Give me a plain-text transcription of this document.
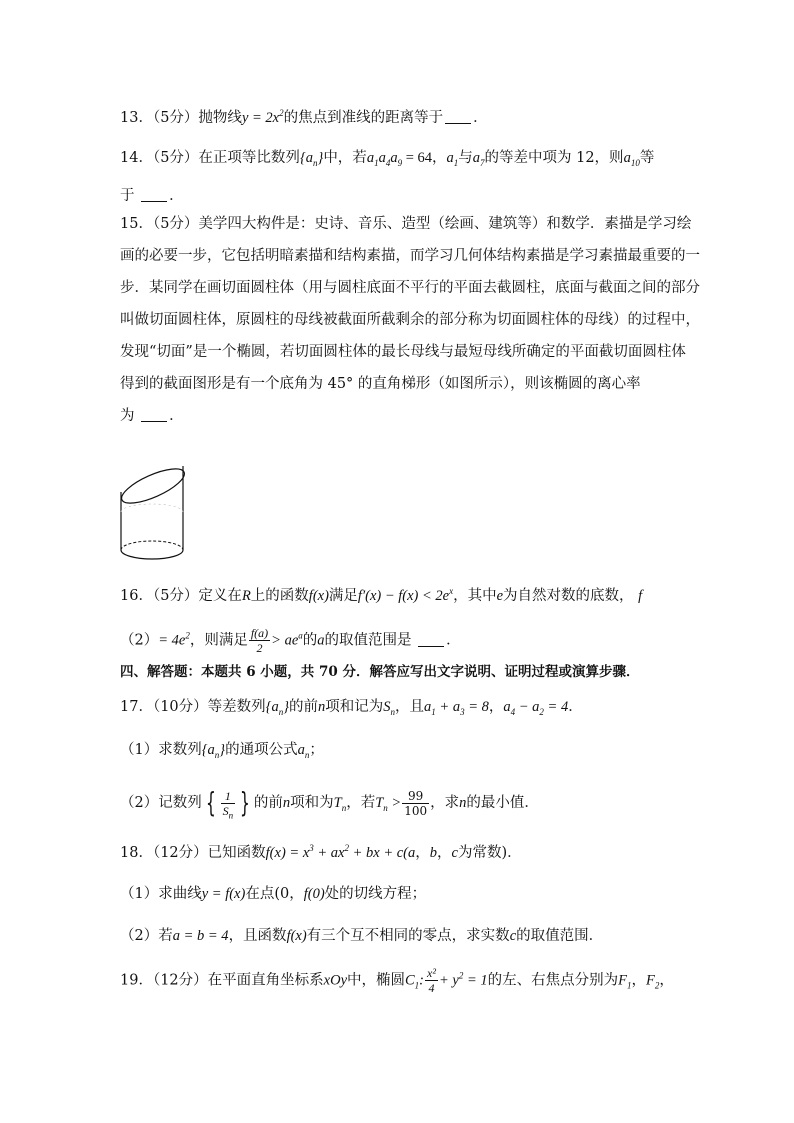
13．（5分）抛物线$y = 2x^2$的焦点到准线的距离等于 ．
14．（5分）在正项等比数列$\{a_n\}$中，若$a_1a_4a_9 = 64$，$a_1$与$a_7$的等差中项为 12，则$a_{10}$等
于 ．
15．（5分）美学四大构件是：史诗、音乐、造型（绘画、建筑等）和数学．素描是学习绘
画的必要一步，它包括明暗素描和结构素描，而学习几何体结构素描是学习素描最重要的一
步．某同学在画切面圆柱体（用与圆柱底面不平行的平面去截圆柱，底面与截面之间的部分
叫做切面圆柱体，原圆柱的母线被截面所截剩余的部分称为切面圆柱体的母线）的过程中，
发现“切面”是一个椭圆，若切面圆柱体的最长母线与最短母线所确定的平面截切面圆柱体
得到的截面图形是有一个底角为 45° 的直角梯形（如图所示），则该椭圆的离心率
为 ．
16．（5分）定义在R上的函数f(x)满足$f'(x) - f(x) < 2e^x$，其中e为自然对数的底数， f
$(2)= 4e^2$，则满足 $\frac{f(a)}{2} > ae^a$的a的取值范围是 ．
四、解答题：本题共 6 小题，共 70 分．解答应写出文字说明、证明过程或演算步骤．
17．（10分）等差数列$\{a_n\}$的前n项和记为$S_n$，且$a_1 + a_3 = 8$，$a_4 - a_2 = 4$．
（1）求数列$\{a_n\}$的通项公式$a_n$；
（2）记数列 { $\frac{1}{S_n}$ } 的前n项和为$T_n$，若$T_n > \frac{99}{100}$ ，求n的最小值．
18．（12分）已知函数$f(x) = x^3 + ax^2$ + bx + c(a，b，c为常数)．
（1）求曲线y = f(x)在点(0，f(0)处的切线方程；
（2）若a = b = 4，且函数f(x)有三个互不相同的零点，求实数c的取值范围．
19．（12分）在平面直角坐标系xOy中，椭圆$C_1$: $\frac{\text{x²}}{4} + y^2 = 1$的左、右焦点分别为$F_1$，$F_2$，
